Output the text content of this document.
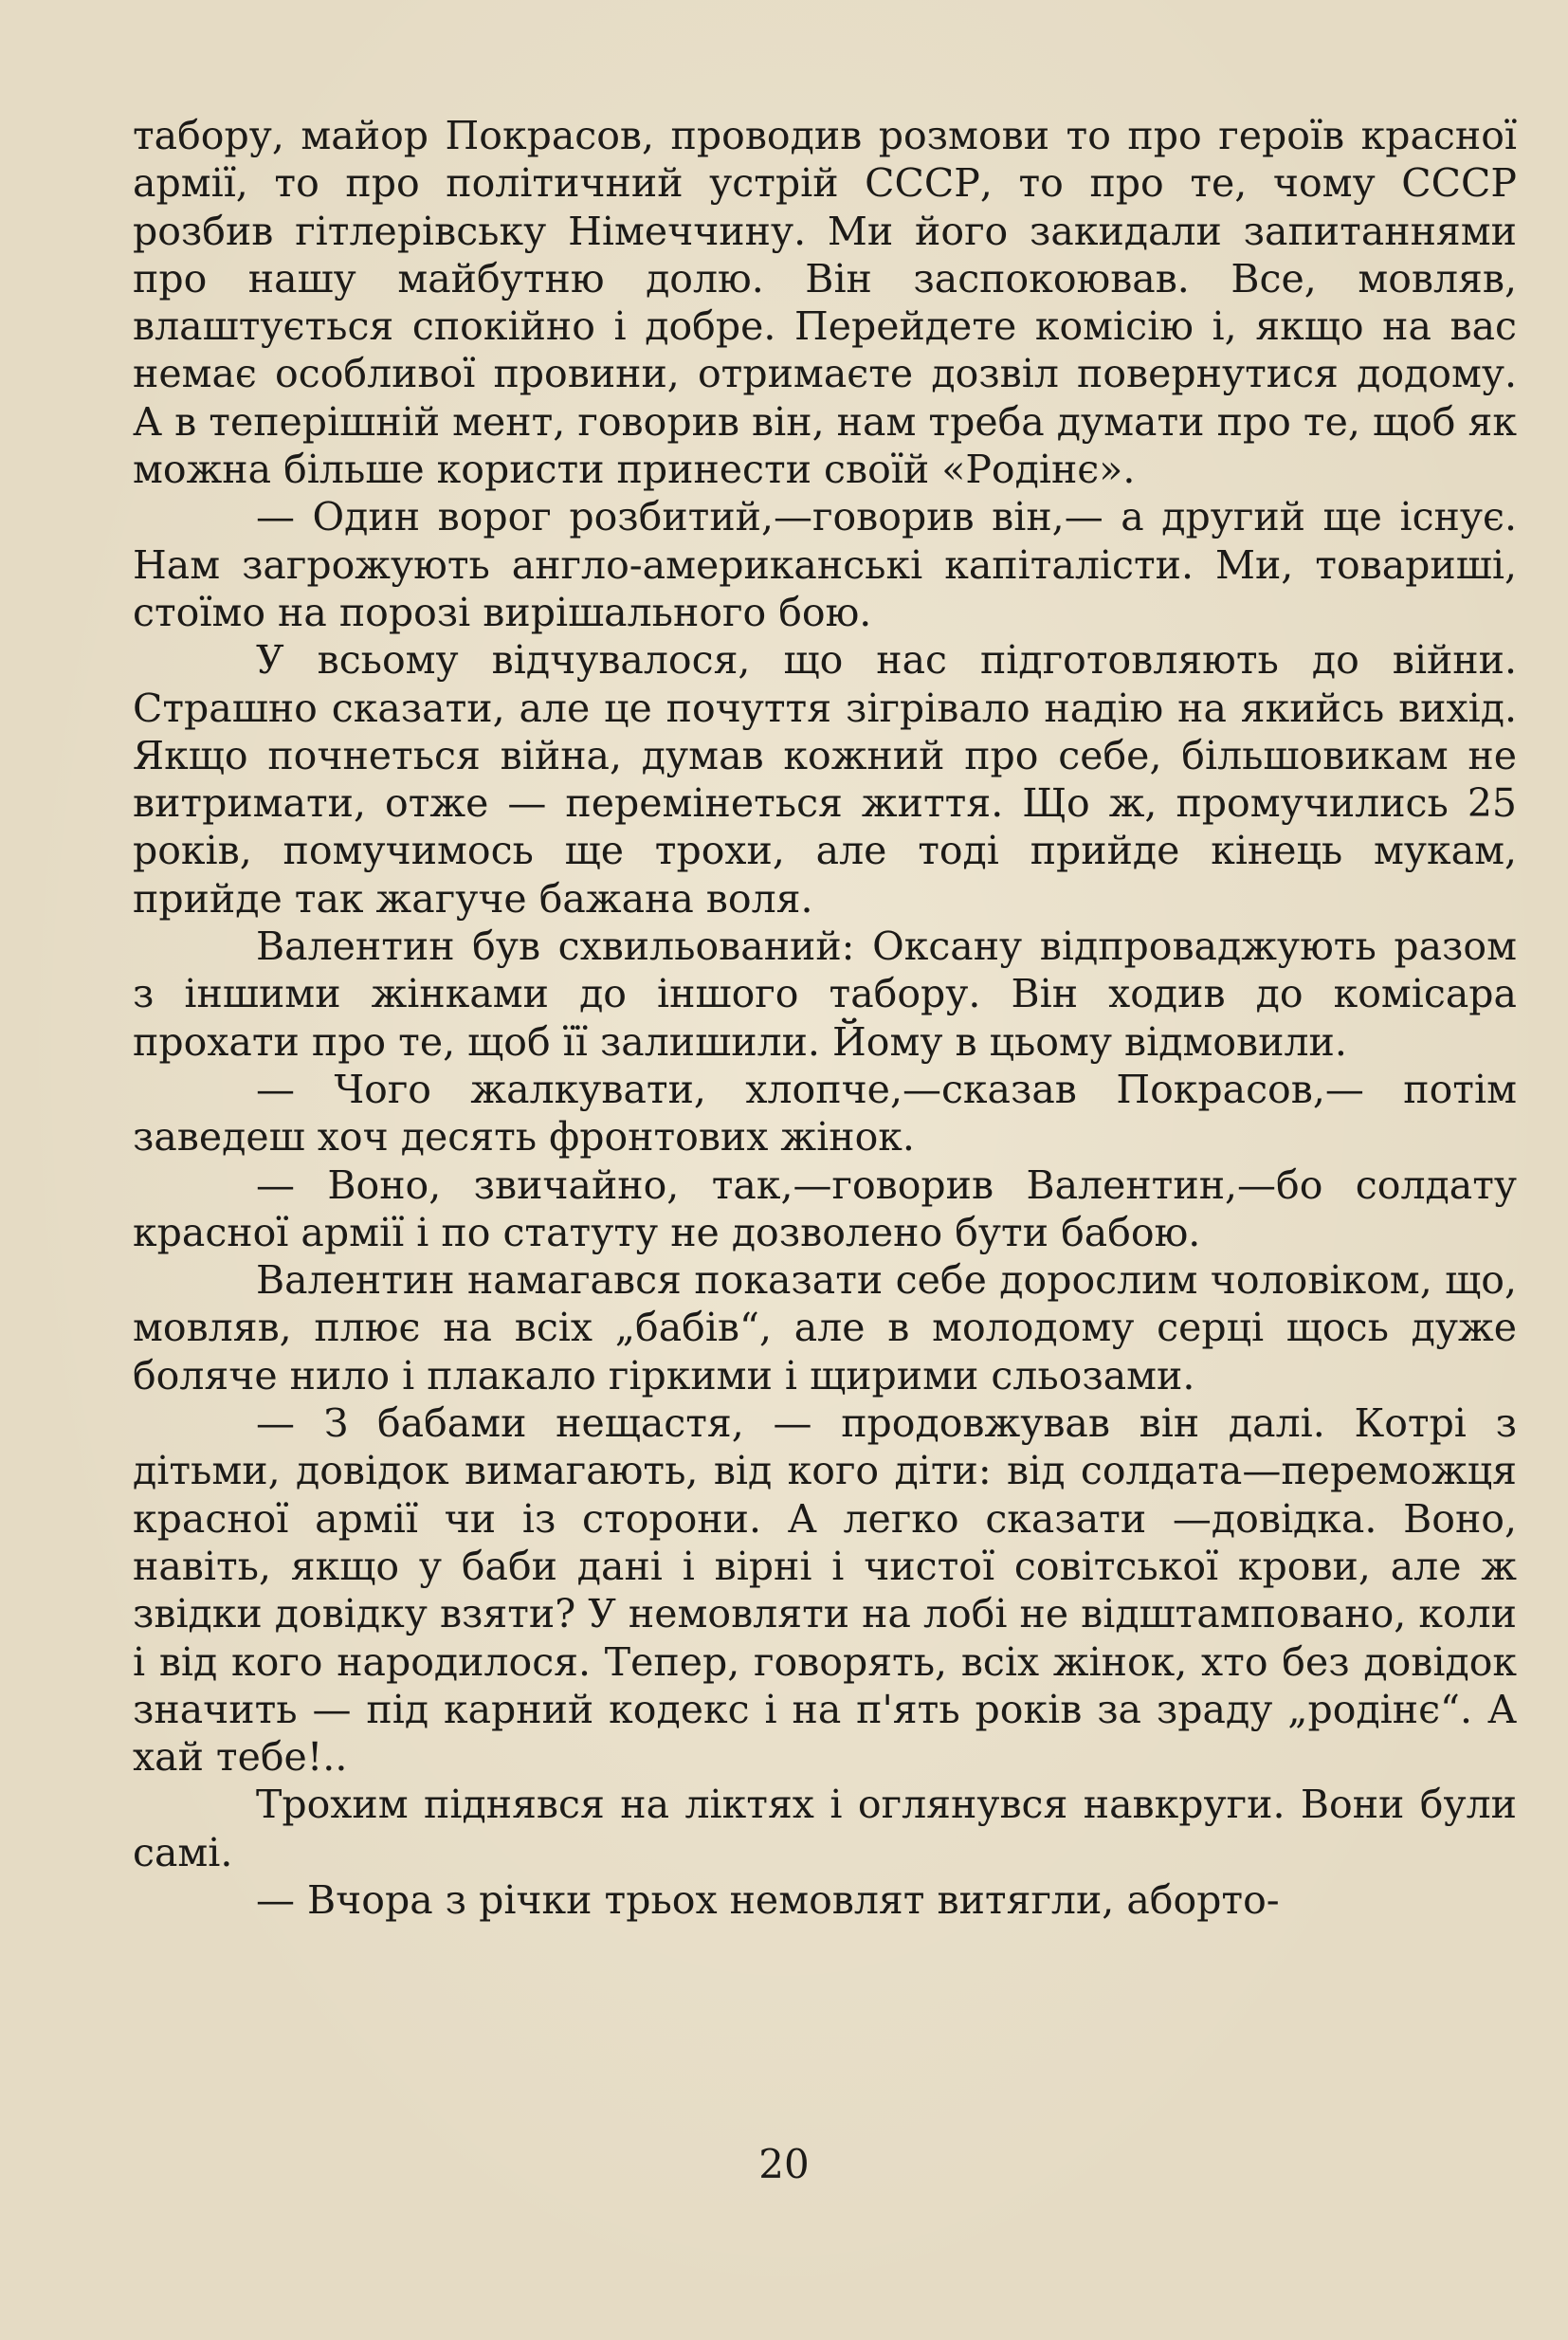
табору, майор Покрасов, проводив розмови то про героїв красної армії, то про політичний устрій СССР, то про те, чому СССР розбив гітлерівську Німеччину. Ми його закидали запитаннями про нашу майбутню долю. Він заспокоював. Все, мовляв, влаштується спокійно і добре. Перейдете комісію і, якщо на вас немає особливої провини, отримаєте дозвіл повернутися додому. А в теперішній мент, говорив він, нам треба думати про те, щоб як можна більше користи принести своїй «Родінє».

— Один ворог розбитий,—говорив він,— а другий ще існує. Нам загрожують англо-американські капіталісти. Ми, товариші, стоїмо на порозі вирішального бою.

У всьому відчувалося, що нас підготовляють до війни. Страшно сказати, але це почуття зігрівало надію на якийсь вихід. Якщо почнеться війна, думав кожний про себе, більшовикам не витримати, отже — перемінеться життя. Що ж, промучились 25 років, помучимось ще трохи, але тоді прийде кінець мукам, прийде так жагуче бажана воля.

Валентин був схвильований: Оксану відпроваджують разом з іншими жінками до іншого табору. Він ходив до комісара прохати про те, щоб її залишили. Йому в цьому відмовили.

— Чого жалкувати, хлопче,—сказав Покрасов,— потім заведеш хоч десять фронтових жінок.

— Воно, звичайно, так,—говорив Валентин,—бо солдату красної армії і по статуту не дозволено бути бабою.

Валентин намагався показати себе дорослим чоловіком, що, мовляв, плює на всіх „бабів“, але в молодому серці щось дуже боляче нило і плакало гіркими і щирими сльозами.

— З бабами нещастя, — продовжував він далі. Котрі з дітьми, довідок вимагають, від кого діти: від солдата—переможця красної армії чи із сторони. А легко сказати —довідка. Воно, навіть, якщо у баби дані і вірні і чистої совітської крови, але ж звідки довідку взяти? У немовляти на лобі не відштамповано, коли і від кого народилося. Тепер, говорять, всіх жінок, хто без довідок значить — під карний кодекс і на п'ять років за зраду „родінє“. А хай тебе!..

Трохим піднявся на ліктях і оглянувся навкруги. Вони були самі.

— Вчора з річки трьох немовлят витягли, аборто-

20
